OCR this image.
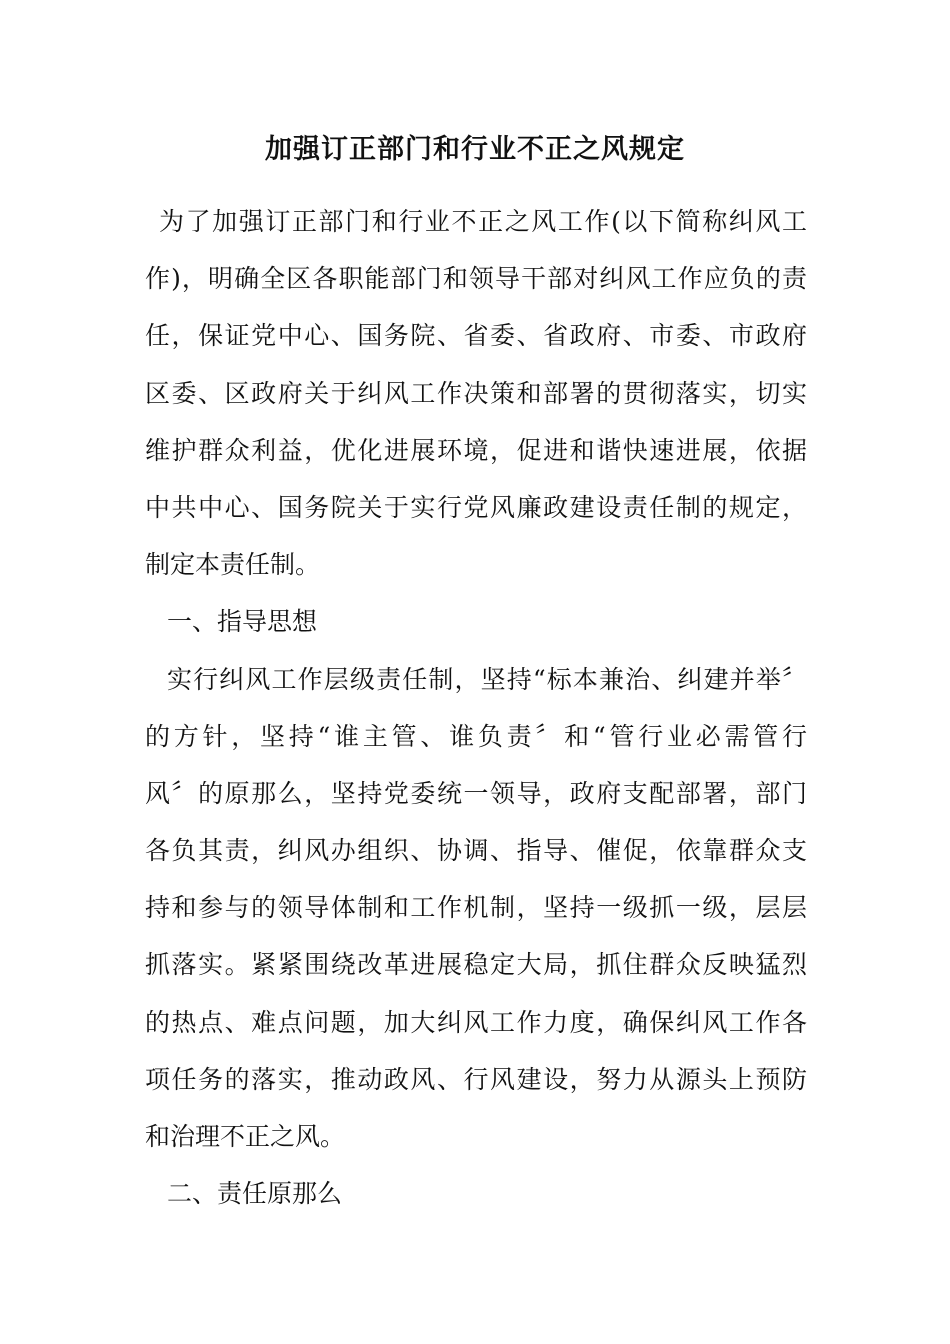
加强订正部门和行业不正之风规定
为了加强订正部门和行业不正之风工作(以下简称纠风工
作)，明确全区各职能部门和领导干部对纠风工作应负的责
任，保证党中心、国务院、省委、省政府、市委、市政府
区委、区政府关于纠风工作决策和部署的贯彻落实，切实
维护群众利益，优化进展环境，促进和谐快速进展，依据
中共中心、国务院关于实行党风廉政建设责任制的规定，
制定本责任制。
一、指导思想
实行纠风工作层级责任制，坚持“标本兼治、纠建并举〞
的方针，坚持“谁主管、谁负责〞和“管行业必需管行
风〞的原那么，坚持党委统一领导，政府支配部署，部门
各负其责，纠风办组织、协调、指导、催促，依靠群众支
持和参与的领导体制和工作机制，坚持一级抓一级，层层
抓落实。紧紧围绕改革进展稳定大局，抓住群众反映猛烈
的热点、难点问题，加大纠风工作力度，确保纠风工作各
项任务的落实，推动政风、行风建设，努力从源头上预防
和治理不正之风。
二、责任原那么
